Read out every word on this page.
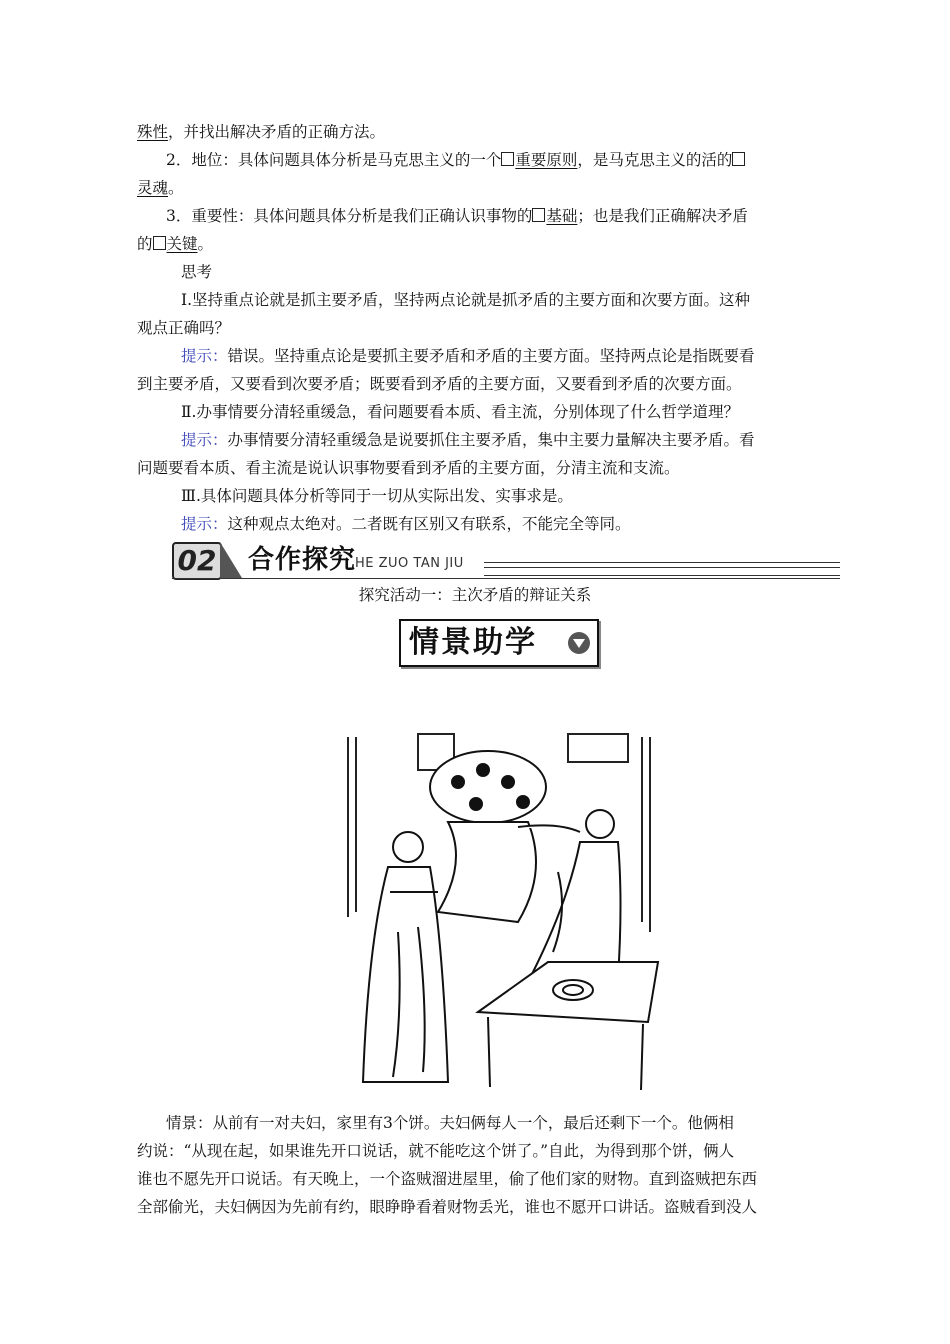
殊性，并找出解决矛盾的正确方法。
2．地位：具体问题具体分析是马克思主义的一个 重要原则，是马克思主义的活的
灵魂。
3．重要性：具体问题具体分析是我们正确认识事物的 基础；也是我们正确解决矛盾
的 关键。
思考
Ⅰ.坚持重点论就是抓主要矛盾，坚持两点论就是抓矛盾的主要方面和次要方面。这种
观点正确吗？
提示：错误。坚持重点论是要抓主要矛盾和矛盾的主要方面。坚持两点论是指既要看
到主要矛盾，又要看到次要矛盾；既要看到矛盾的主要方面，又要看到矛盾的次要方面。
Ⅱ.办事情要分清轻重缓急，看问题要看本质、看主流，分别体现了什么哲学道理？
提示：办事情要分清轻重缓急是说要抓住主要矛盾，集中主要力量解决主要矛盾。看
问题要看本质、看主流是说认识事物要看到矛盾的主要方面，分清主流和支流。
Ⅲ.具体问题具体分析等同于一切从实际出发、实事求是。
提示：这种观点太绝对。二者既有区别又有联系，不能完全等同。
02 合作探究
HE ZUO TAN JIU
探究活动一：主次矛盾的辩证关系
情景助学
情景：从前有一对夫妇，家里有3个饼。夫妇俩每人一个，最后还剩下一个。他俩相
约说：“从现在起，如果谁先开口说话，就不能吃这个饼了。”自此，为得到那个饼，俩人
谁也不愿先开口说话。有天晚上，一个盗贼溜进屋里，偷了他们家的财物。直到盗贼把东西
全部偷光，夫妇俩因为先前有约，眼睁睁看着财物丢光，谁也不愿开口讲话。盗贼看到没人
